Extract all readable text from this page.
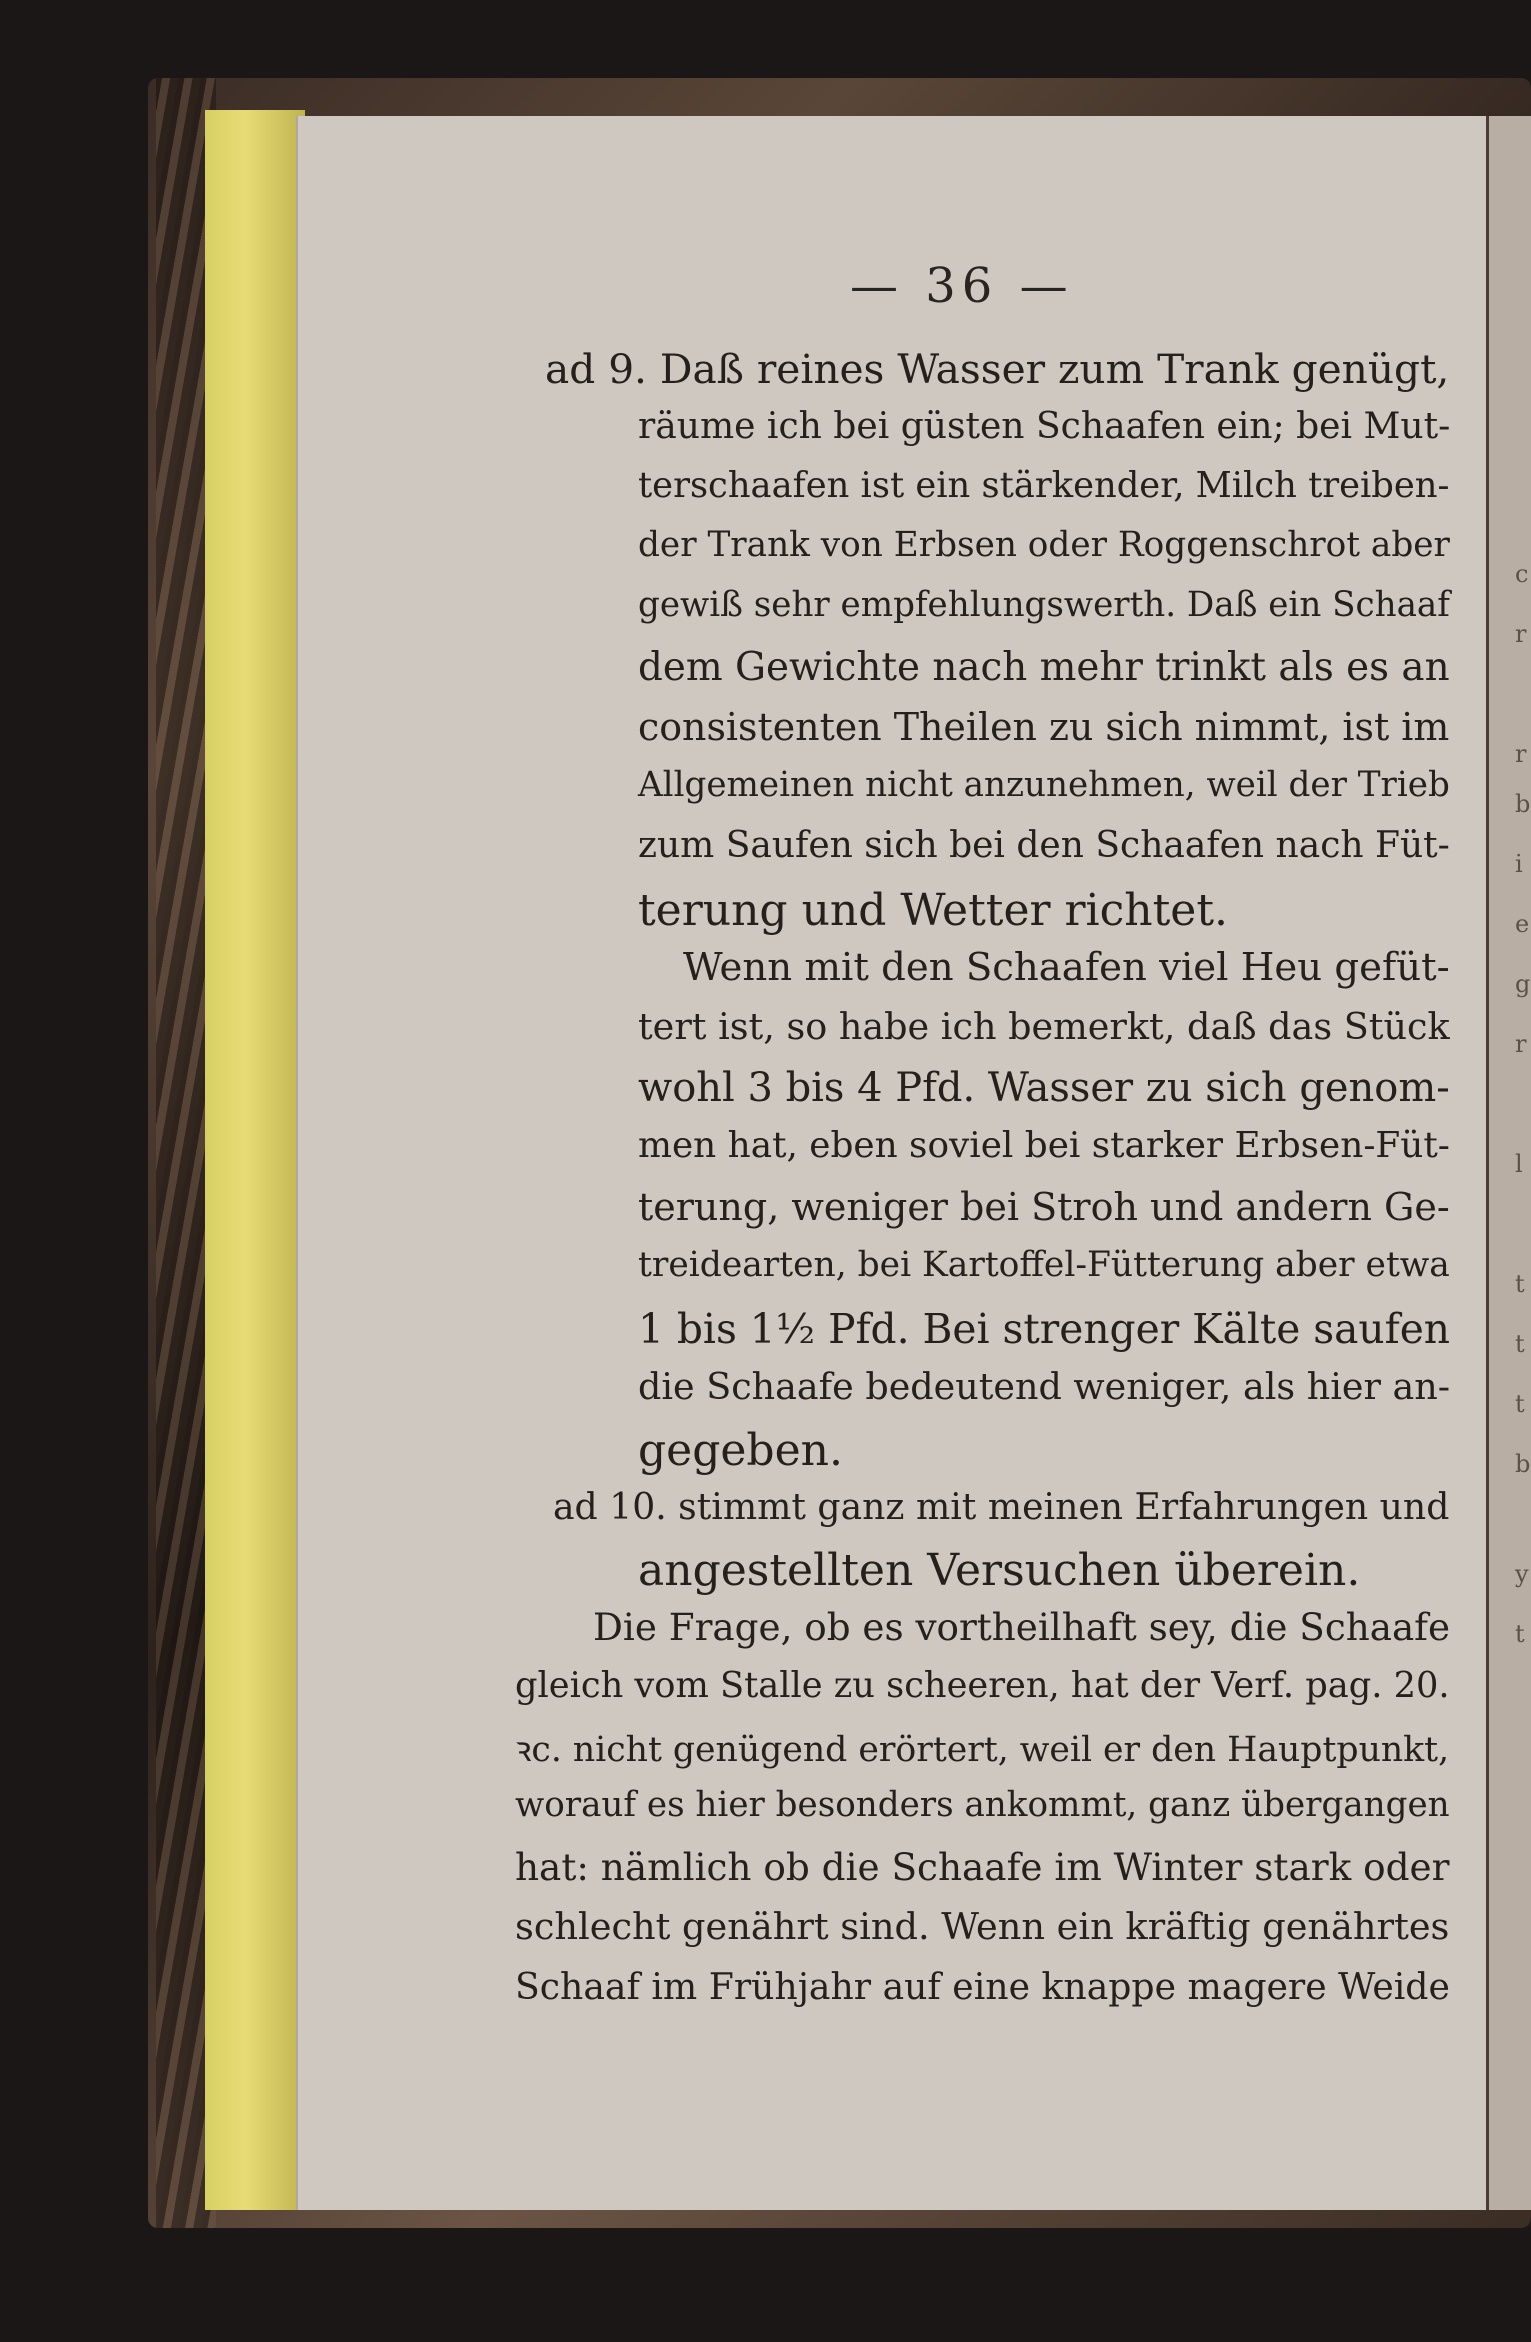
c
r
r
b
i
e
g
r
l
t
t
t
b
y
t
— 36 —
ad 9. Daß reines Wasser zum Trank genügt,
räume ich bei güsten Schaafen ein; bei Mut-
terschaafen ist ein stärkender, Milch treiben-
der Trank von Erbsen oder Roggenschrot aber
gewiß sehr empfehlungswerth. Daß ein Schaaf
dem Gewichte nach mehr trinkt als es an
consistenten Theilen zu sich nimmt, ist im
Allgemeinen nicht anzunehmen, weil der Trieb
zum Saufen sich bei den Schaafen nach Füt-
terung und Wetter richtet.
Wenn mit den Schaafen viel Heu gefüt-
tert ist, so habe ich bemerkt, daß das Stück
wohl 3 bis 4 Pfd. Wasser zu sich genom-
men hat, eben soviel bei starker Erbsen-Füt-
terung, weniger bei Stroh und andern Ge-
treidearten, bei Kartoffel-Fütterung aber etwa
1 bis 1½ Pfd. Bei strenger Kälte saufen
die Schaafe bedeutend weniger, als hier an-
gegeben.
ad 10. stimmt ganz mit meinen Erfahrungen und
angestellten Versuchen überein.
Die Frage, ob es vortheilhaft sey, die Schaafe
gleich vom Stalle zu scheeren, hat der Verf. pag. 20.
ꝛc. nicht genügend erörtert, weil er den Hauptpunkt,
worauf es hier besonders ankommt, ganz übergangen
hat: nämlich ob die Schaafe im Winter stark oder
schlecht genährt sind. Wenn ein kräftig genährtes
Schaaf im Frühjahr auf eine knappe magere Weide
